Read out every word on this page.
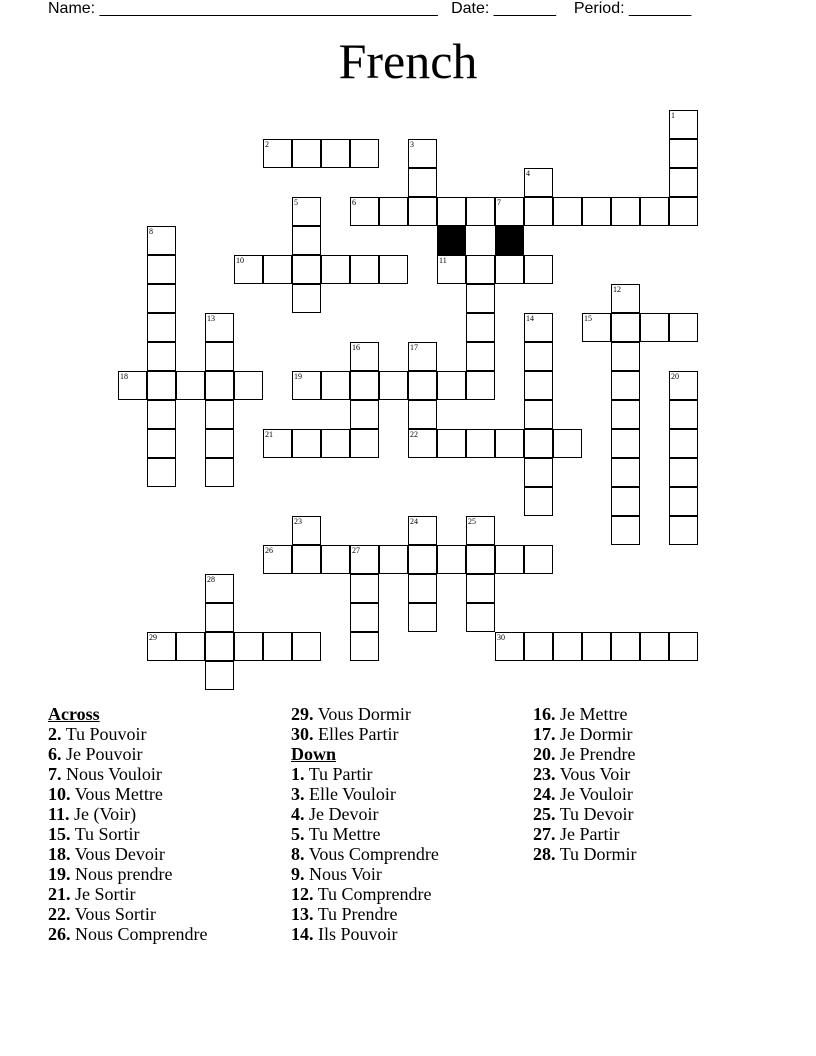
Name: ______________________________________ Date: _______ Period: _______
French
2
6	7
10	11
15
18	19
21	22
26	27
29	30
1
3
4
5
8
12
13	14
16	17
20
23	24	25
28
Across
2. Tu Pouvoir
6. Je Pouvoir
7. Nous Vouloir
10. Vous Mettre
11. Je (Voir)
15. Tu Sortir
18. Vous Devoir
19. Nous prendre
21. Je Sortir
22. Vous Sortir
26. Nous Comprendre
29. Vous Dormir
30. Elles Partir
Down
1. Tu Partir
3. Elle Vouloir
4. Je Devoir
5. Tu Mettre
8. Vous Comprendre
9. Nous Voir
12. Tu Comprendre
13. Tu Prendre
14. Ils Pouvoir
16. Je Mettre
17. Je Dormir
20. Je Prendre
23. Vous Voir
24. Je Vouloir
25. Tu Devoir
27. Je Partir
28. Tu Dormir
